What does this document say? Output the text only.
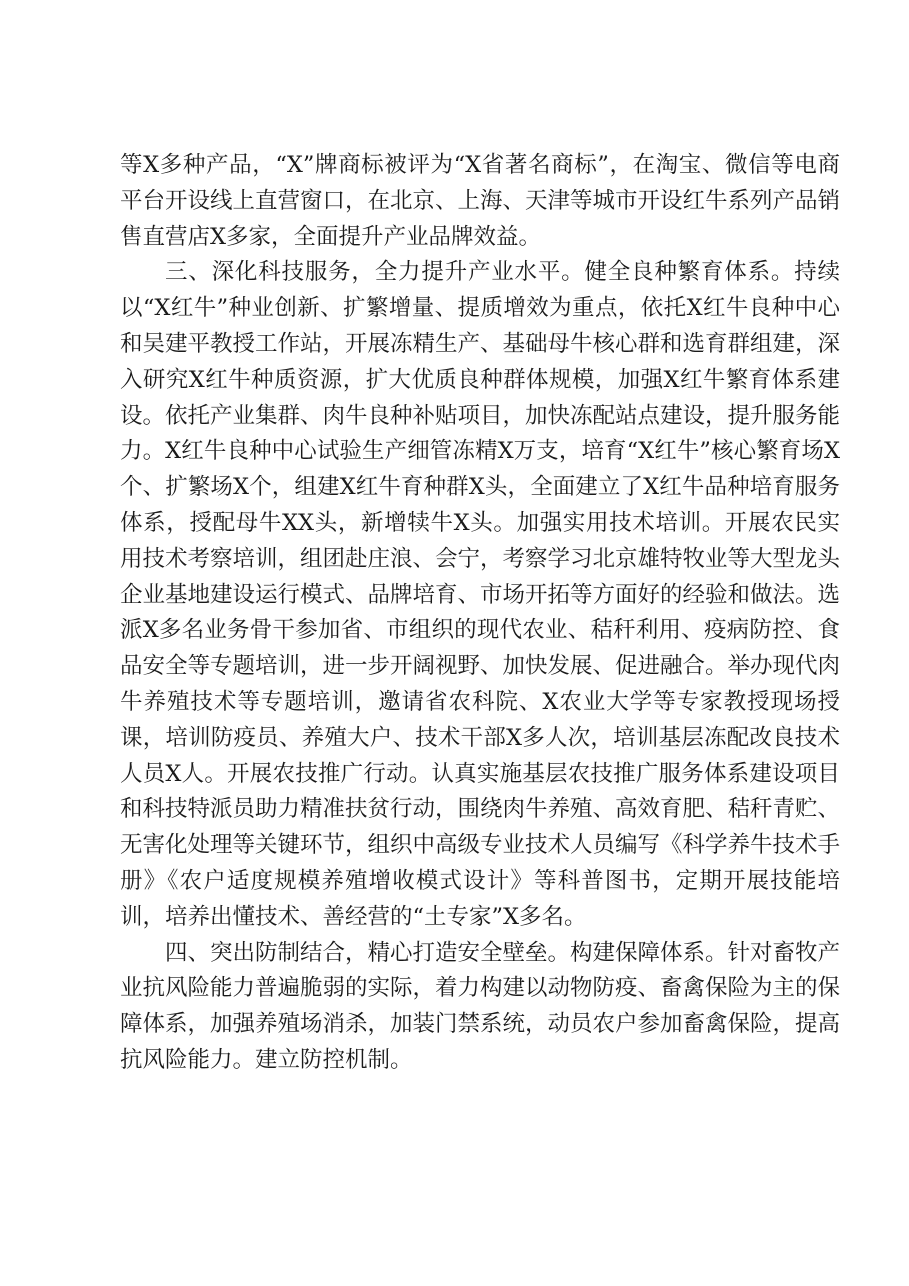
等X多种产品，“X”牌商标被评为“X省著名商标”，在淘宝、微信等电商平台开设线上直营窗口，在北京、上海、天津等城市开设红牛系列产品销售直营店X多家，全面提升产业品牌效益。

三、深化科技服务，全力提升产业水平。健全良种繁育体系。持续以“X红牛”种业创新、扩繁增量、提质增效为重点，依托X红牛良种中心和吴建平教授工作站，开展冻精生产、基础母牛核心群和选育群组建，深入研究X红牛种质资源，扩大优质良种群体规模，加强X红牛繁育体系建设。依托产业集群、肉牛良种补贴项目，加快冻配站点建设，提升服务能力。X红牛良种中心试验生产细管冻精X万支，培育“X红牛”核心繁育场X个、扩繁场X个，组建X红牛育种群X头，全面建立了X红牛品种培育服务体系，授配母牛XX头，新增犊牛X头。加强实用技术培训。开展农民实用技术考察培训，组团赴庄浪、会宁，考察学习北京雄特牧业等大型龙头企业基地建设运行模式、品牌培育、市场开拓等方面好的经验和做法。选派X多名业务骨干参加省、市组织的现代农业、秸秆利用、疫病防控、食品安全等专题培训，进一步开阔视野、加快发展、促进融合。举办现代肉牛养殖技术等专题培训，邀请省农科院、X农业大学等专家教授现场授课，培训防疫员、养殖大户、技术干部X多人次，培训基层冻配改良技术人员X人。开展农技推广行动。认真实施基层农技推广服务体系建设项目和科技特派员助力精准扶贫行动，围绕肉牛养殖、高效育肥、秸秆青贮、无害化处理等关键环节，组织中高级专业技术人员编写《科学养牛技术手册》《农户适度规模养殖增收模式设计》等科普图书，定期开展技能培训，培养出懂技术、善经营的“土专家”X多名。

四、突出防制结合，精心打造安全壁垒。构建保障体系。针对畜牧产业抗风险能力普遍脆弱的实际，着力构建以动物防疫、畜禽保险为主的保障体系，加强养殖场消杀，加装门禁系统，动员农户参加畜禽保险，提高抗风险能力。建立防控机制。
